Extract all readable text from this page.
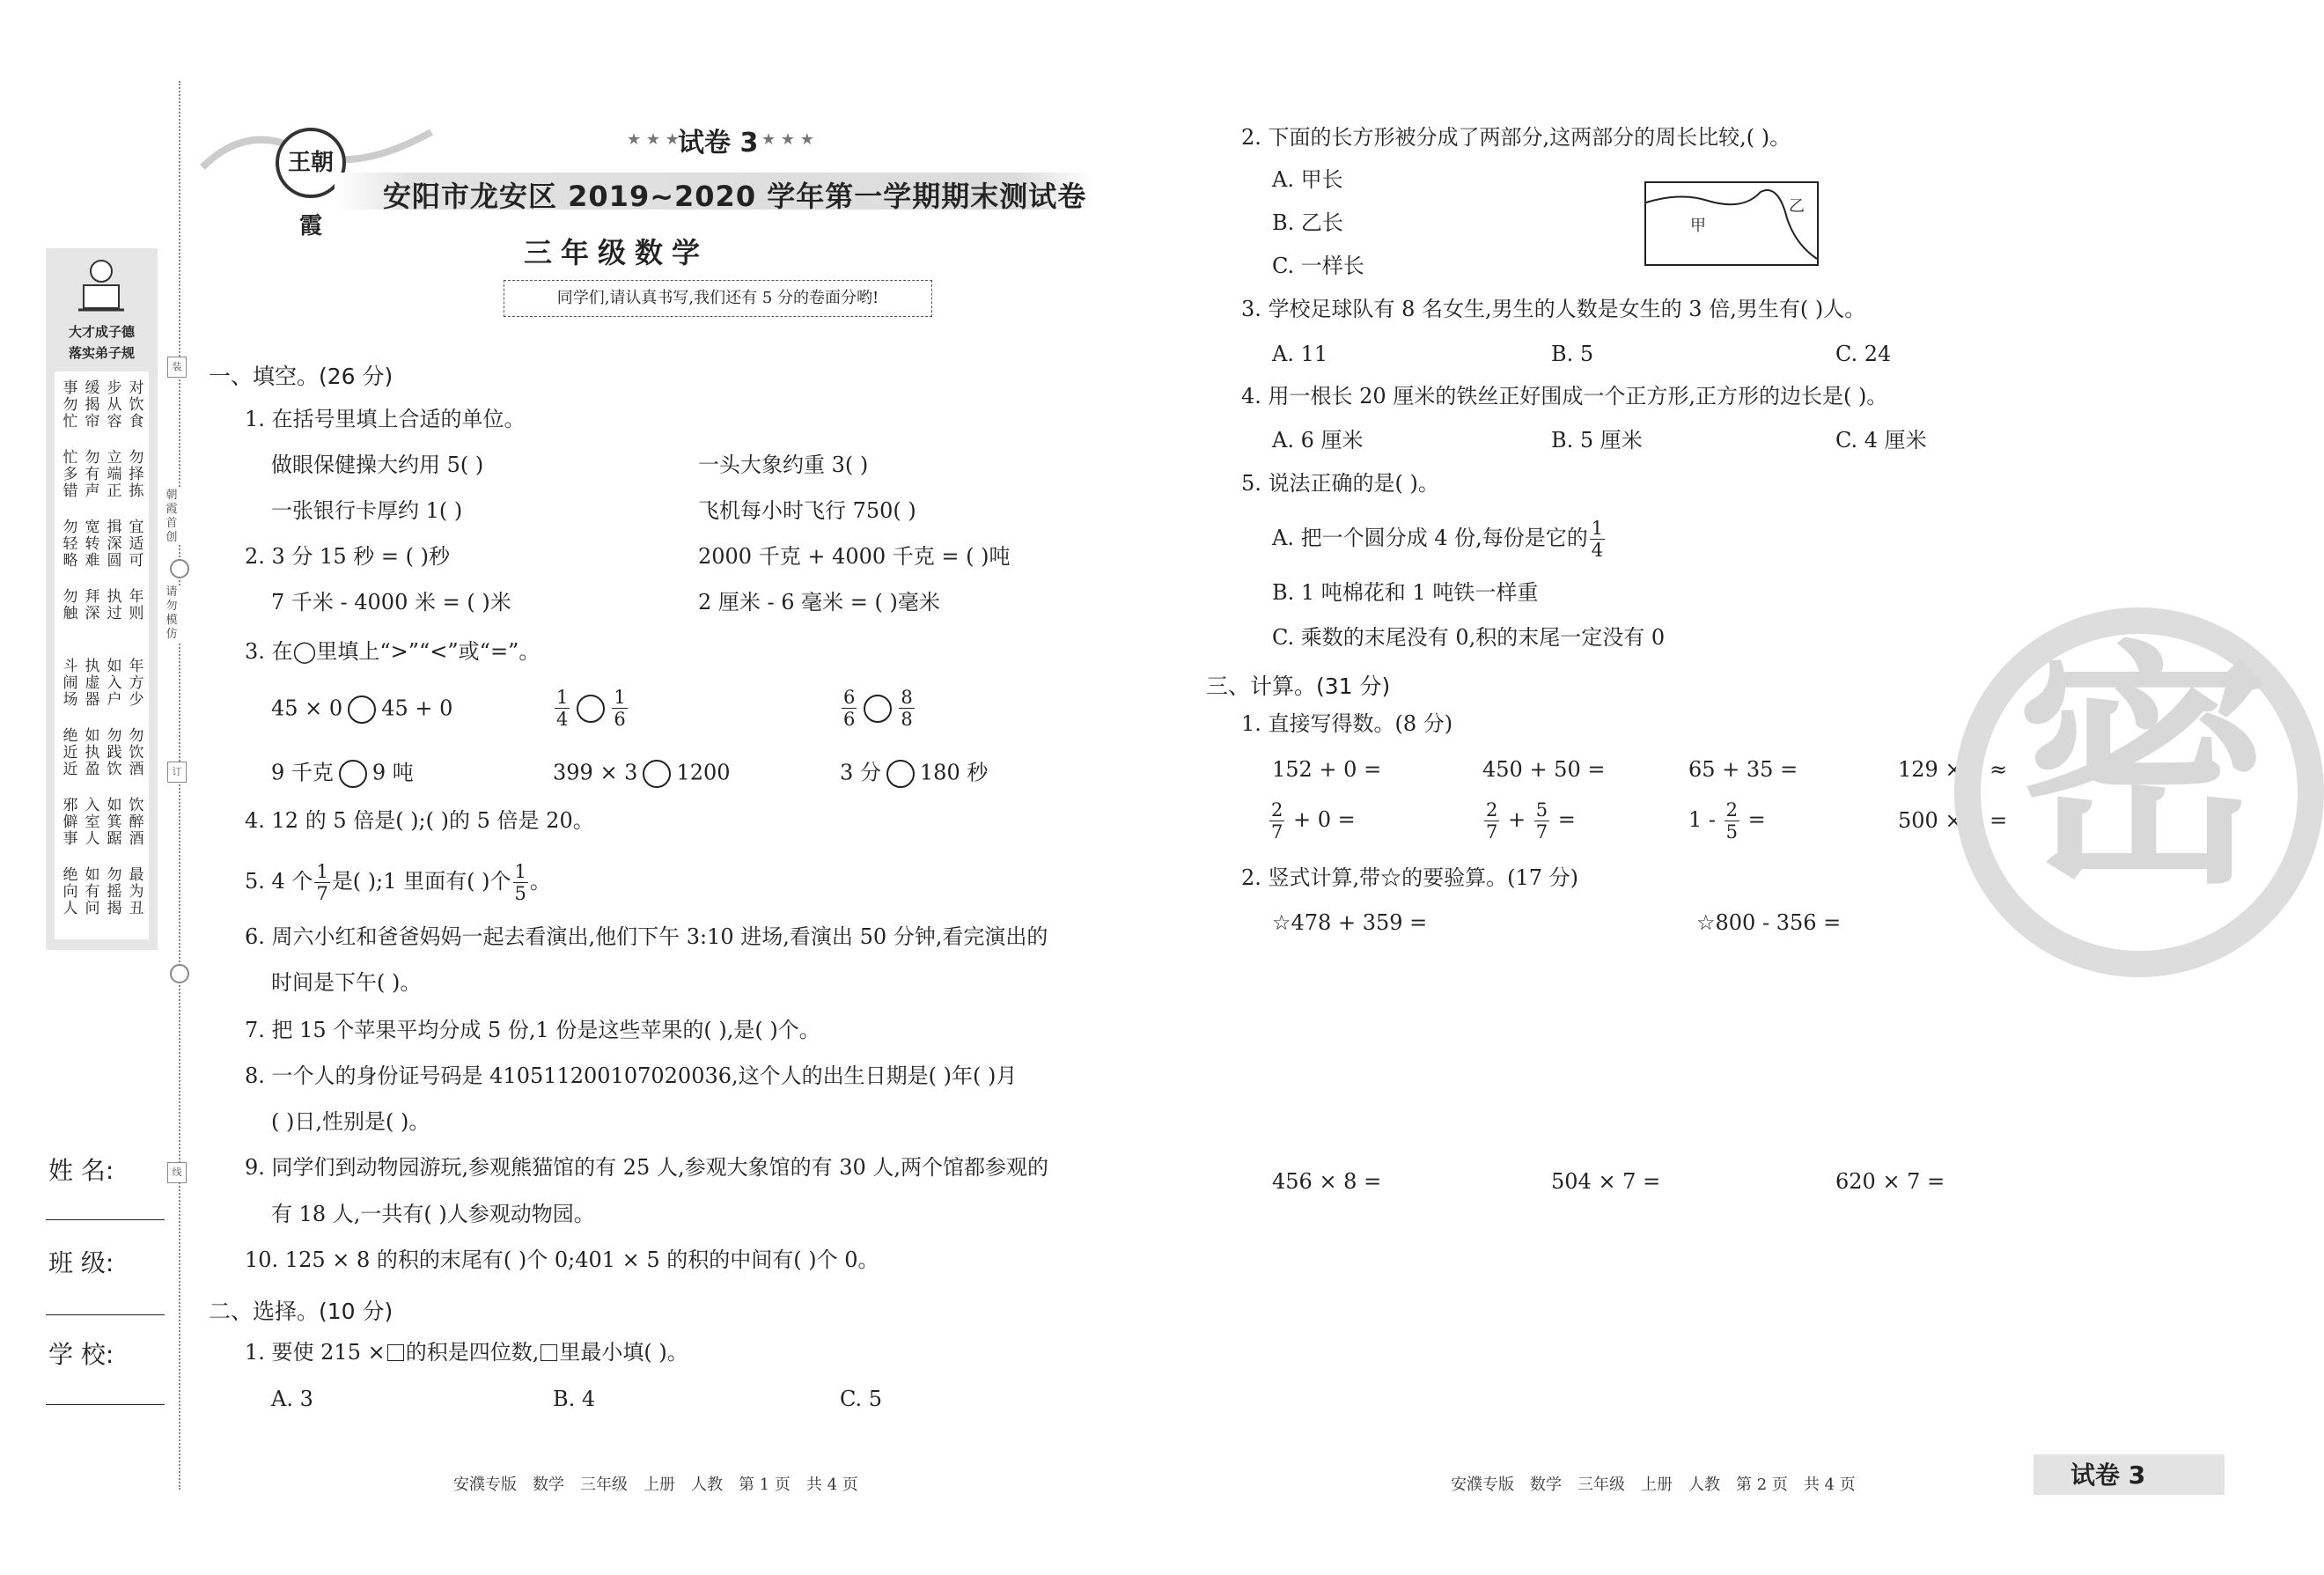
大才成子德
落实弟子规
事勿忙
缓揭帘
步从容
对饮食
忙多错
勿有声
立端正
勿择拣
勿轻略
宽转难
揖深圆
宜适可
勿触
拜深
执过
年则
斗闹场
执虚器
如入户
年方少
绝近近
如执盈
勿践饮
勿饮酒
邪僻事
入室人
如箕踞
饮醉酒
绝向人
如有问
勿摇揭
最为丑
朝霞首创
请勿模仿
装
订
线
姓 名:
班 级:
学 校:
王朝霞
★ ★ ★
试卷 3 ★ ★ ★
安阳市龙安区 2019~2020 学年第一学期期末测试卷
三年级数学
同学们,请认真书写,我们还有 5 分的卷面分哟!
一、填空。(26 分)
1. 在括号里填上合适的单位。
做眼保健操大约用 5( )	一头大象约重 3( )
一张银行卡厚约 1( )	飞机每小时飞行 750( )
2. 3 分 15 秒 = ( )秒	2000 千克 + 4000 千克 = ( )吨
7 千米 - 4000 米 = ( )米	2 厘米 - 6 毫米 = ( )毫米
3. 在◯里填上“>”“<”或“=”。
45 × 0 45 + 0	$\frac{1}{4} \frac{1}{6}$	$\frac{6}{6} \frac{8}{8}$
9 千克 9 吨	399 × 3 1200	3 分 180 秒
4. 12 的 5 倍是( );( )的 5 倍是 20。
5. 4 个 $\frac{1}{7}$ 是( );1 里面有( )个 $\frac{1}{5}$ 。
6. 周六小红和爸爸妈妈一起去看演出,他们下午 3:10 进场,看演出 50 分钟,看完演出的
时间是下午( )。
7. 把 15 个苹果平均分成 5 份,1 份是这些苹果的( ),是( )个。
8. 一个人的身份证号码是 410511200107020036,这个人的出生日期是( )年( )月
( )日,性别是( )。
9. 同学们到动物园游玩,参观熊猫馆的有 25 人,参观大象馆的有 30 人,两个馆都参观的
有 18 人,一共有( )人参观动物园。
10. 125 × 8 的积的末尾有( )个 0;401 × 5 的积的中间有( )个 0。
二、选择。(10 分)
1. 要使 215 × 的积是四位数, 里最小填( )。
A. 3	B. 4	C. 5
2. 下面的长方形被分成了两部分,这两部分的周长比较,( )。
A. 甲长
B. 乙长
C. 一样长
甲
乙
3. 学校足球队有 8 名女生,男生的人数是女生的 3 倍,男生有( )人。
A. 11	B. 5	C. 24
4. 用一根长 20 厘米的铁丝正好围成一个正方形,正方形的边长是( )。
A. 6 厘米	B. 5 厘米	C. 4 厘米
5. 说法正确的是( )。
A. 把一个圆分成 4 份,每份是它的 $\frac{1}{4}$
B. 1 吨棉花和 1 吨铁一样重
C. 乘数的末尾没有 0,积的末尾一定没有 0
三、计算。(31 分)
1. 直接写得数。(8 分)
152 + 0 =	450 + 50 =	65 + 35 =	129 × 3 ≈
$\frac{2}{7} + 0$ =	$\frac{2}{7} + \frac{5}{7}$ =	$1 - \frac{2}{5}$ =	500 × 4 =
2. 竖式计算,带☆的要验算。(17 分)
☆478 + 359 =	☆800 - 356 =
456 × 8 =	504 × 7 =	620 × 7 =
密
安濮专版　数学　三年级　上册　人教　第 1 页　共 4 页	安濮专版　数学　三年级　上册　人教　第 2 页　共 4 页	试卷 3
